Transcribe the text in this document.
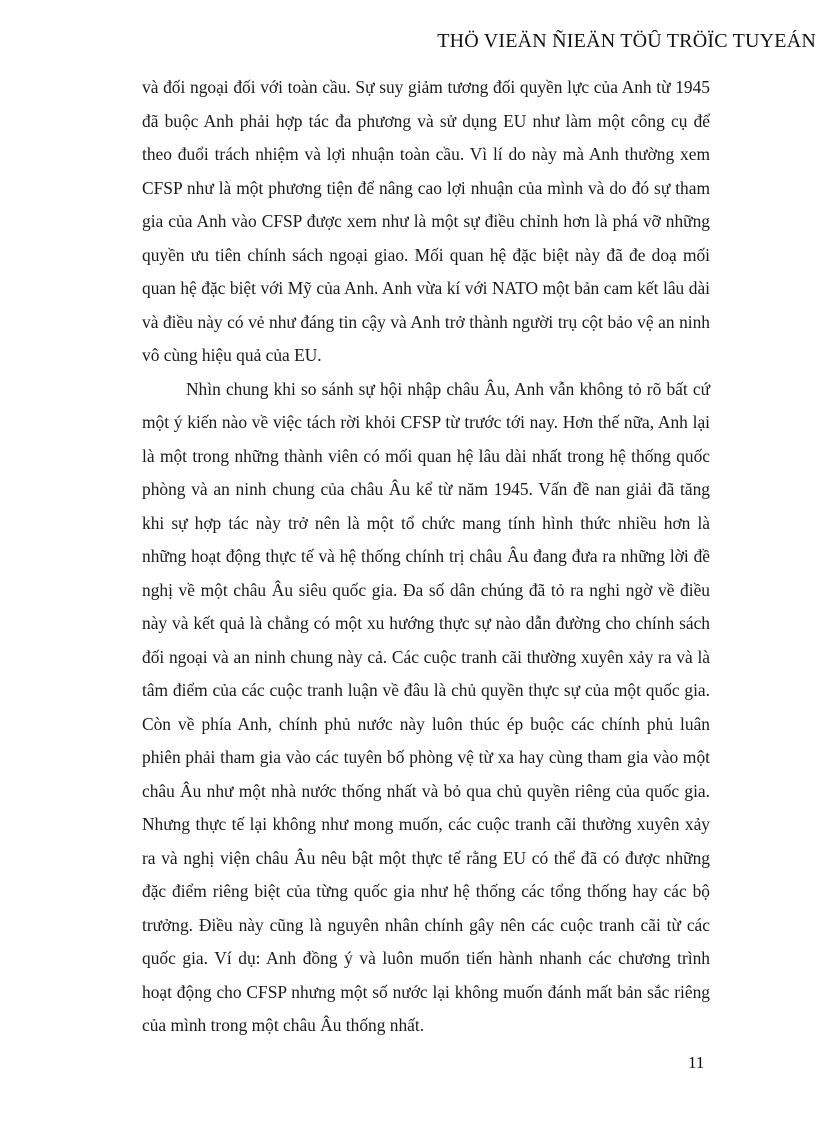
THÖ VIEÄN ÑIEÄN TÖÛ TRÖÏC TUYEÁN

và đối ngoại đối với toàn cầu. Sự suy giảm tương đối quyền lực của Anh từ 1945 đã buộc Anh phải hợp tác đa phương và sử dụng EU như làm một công cụ để theo đuổi trách nhiệm và lợi nhuận toàn cầu. Vì lí do này mà Anh thường xem CFSP như là một phương tiện để nâng cao lợi nhuận của mình và do đó sự tham gia của Anh vào CFSP được xem như là một sự điều chỉnh hơn là phá vỡ những quyền ưu tiên chính sách ngoại giao. Mối quan hệ đặc biệt này đã đe doạ mối quan hệ đặc biệt với Mỹ của Anh. Anh vừa kí với NATO một bản cam kết lâu dài và điều này có vẻ như đáng tin cậy và Anh trở thành người trụ cột bảo vệ an ninh vô cùng hiệu quả của EU.

Nhìn chung khi so sánh sự hội nhập châu Âu, Anh vẫn không tỏ rõ bất cứ một ý kiến nào về việc tách rời khỏi CFSP từ trước tới nay. Hơn thế nữa, Anh lại là một trong những thành viên có mối quan hệ lâu dài nhất trong hệ thống quốc phòng và an ninh chung của châu Âu kể từ năm 1945. Vấn đề nan giải đã tăng khi sự hợp tác này trở nên là một tổ chức mang tính hình thức nhiều hơn là những hoạt động thực tế và hệ thống chính trị châu Âu đang đưa ra những lời đề nghị về một châu Âu siêu quốc gia. Đa số dân chúng đã tỏ ra nghi ngờ về điều này và kết quả là chẳng có một xu hướng thực sự nào dẫn đường cho chính sách đối ngoại và an ninh chung này cả. Các cuộc tranh cãi thường xuyên xảy ra và là tâm điểm của các cuộc tranh luận về đâu là chủ quyền thực sự của một quốc gia. Còn về phía Anh, chính phủ nước này luôn thúc ép buộc các chính phủ luân phiên phải tham gia vào các tuyên bố phòng vệ từ xa hay cùng tham gia vào một châu Âu như một nhà nước thống nhất và bỏ qua chủ quyền riêng của quốc gia. Nhưng thực tế lại không như mong muốn, các cuộc tranh cãi thường xuyên xảy ra và nghị viện châu Âu nêu bật một thực tế rằng EU có thể đã có được những đặc điểm riêng biệt của từng quốc gia như hệ thống các tổng thống hay các bộ trưởng. Điều này cũng là nguyên nhân chính gây nên các cuộc tranh cãi từ các quốc gia. Ví dụ: Anh đồng ý và luôn muốn tiến hành nhanh các chương trình hoạt động cho CFSP nhưng một số nước lại không muốn đánh mất bản sắc riêng của mình trong một châu Âu thống nhất.

11
